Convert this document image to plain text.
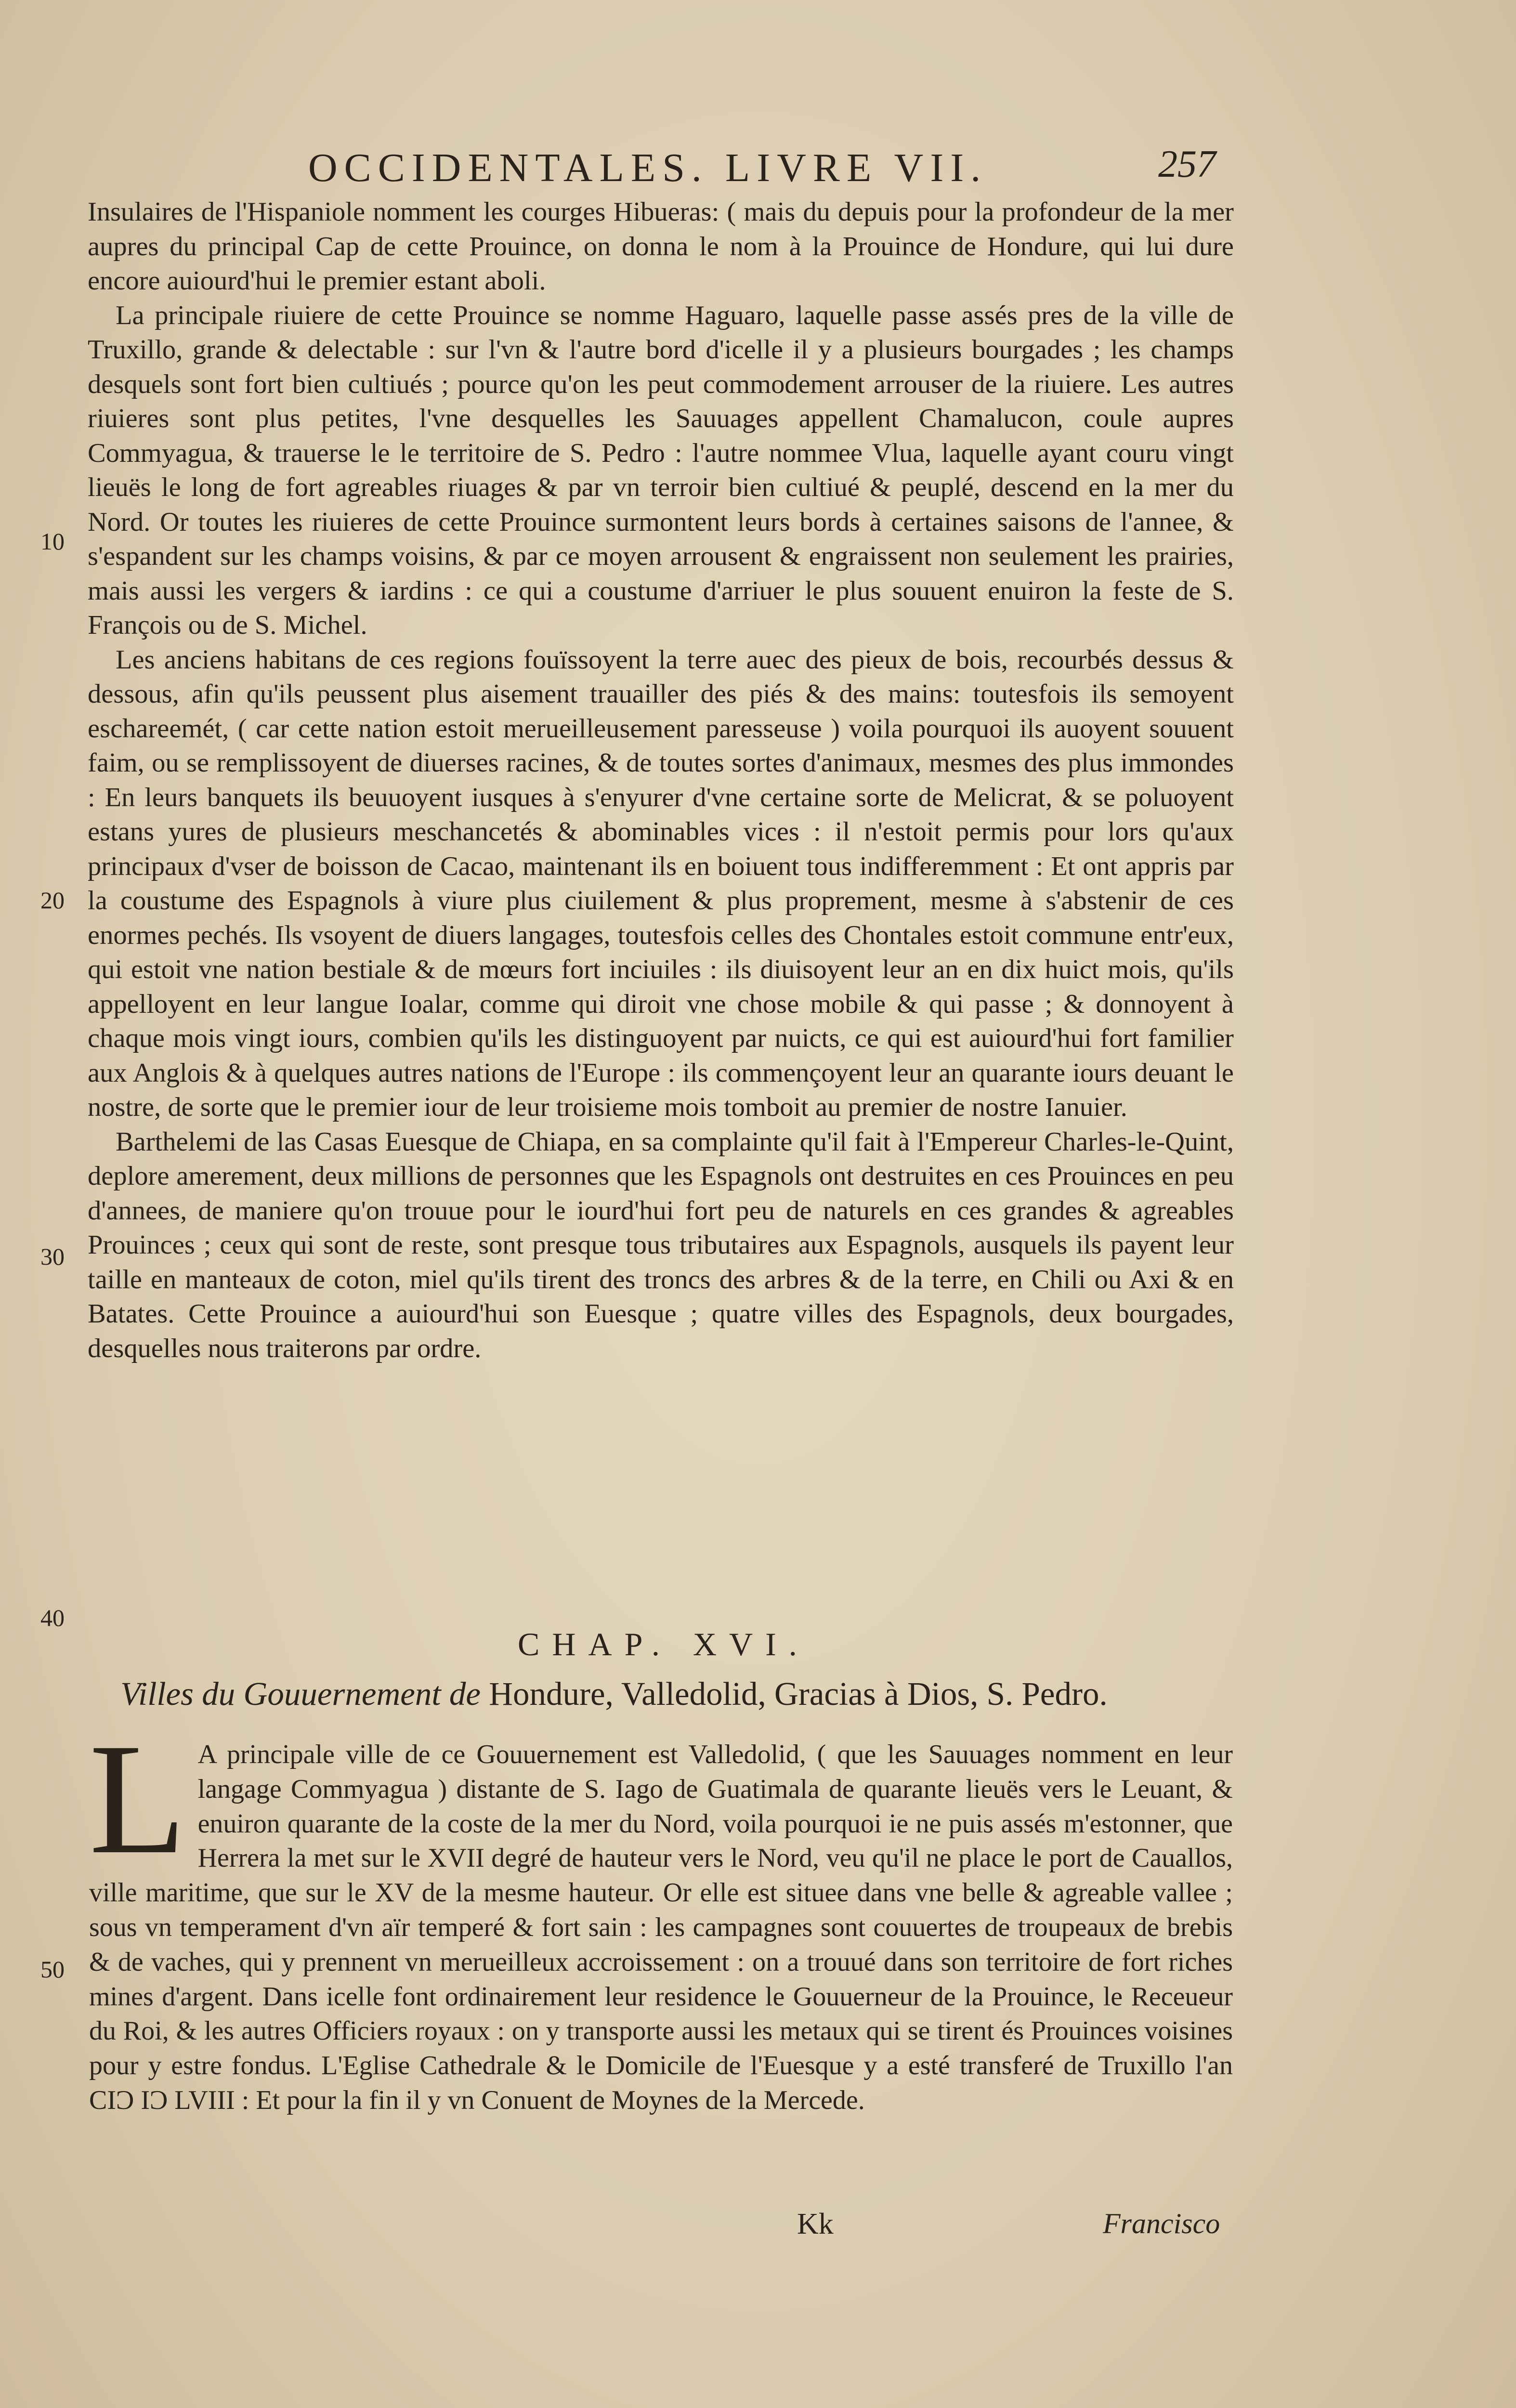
OCCIDENTALES. LIVRE VII.	257
10
20
30
40
50

Insulaires de l'Hispaniole nomment les courges Hibueras: ( mais du depuis pour la profondeur de la mer aupres du principal Cap de cette Prouince, on donna le nom à la Prouince de Hondure, qui lui dure encore auiourd'hui le premier estant aboli.

La principale riuiere de cette Prouince se nomme Haguaro, laquelle passe assés pres de la ville de Truxillo, grande & delectable : sur l'vn & l'autre bord d'icelle il y a plusieurs bourgades ; les champs desquels sont fort bien cultiués ; pource qu'on les peut commodement arrouser de la riuiere. Les autres riuieres sont plus petites, l'vne desquelles les Sauuages appellent Chamalucon, coule aupres Commyagua, & trauerse le le territoire de S. Pedro : l'autre nommee Vlua, laquelle ayant couru vingt lieuës le long de fort agreables riuages & par vn terroir bien cultiué & peuplé, descend en la mer du Nord. Or toutes les riuieres de cette Prouince surmontent leurs bords à certaines saisons de l'annee, & s'espandent sur les champs voisins, & par ce moyen arrousent & engraissent non seulement les prairies, mais aussi les vergers & iardins : ce qui a coustume d'arriuer le plus souuent enuiron la feste de S. François ou de S. Michel.

Les anciens habitans de ces regions fouïssoyent la terre auec des pieux de bois, recourbés dessus & dessous, afin qu'ils peussent plus aisement trauailler des piés & des mains: toutesfois ils semoyent eschareemét, ( car cette nation estoit merueilleusement paresseuse ) voila pourquoi ils auoyent souuent faim, ou se remplissoyent de diuerses racines, & de toutes sortes d'animaux, mesmes des plus immondes : En leurs banquets ils beuuoyent iusques à s'enyurer d'vne certaine sorte de Melicrat, & se poluoyent estans yures de plusieurs meschancetés & abominables vices : il n'estoit permis pour lors qu'aux principaux d'vser de boisson de Cacao, maintenant ils en boiuent tous indifferemment : Et ont appris par la coustume des Espagnols à viure plus ciuilement & plus proprement, mesme à s'abstenir de ces enormes pechés. Ils vsoyent de diuers langages, toutesfois celles des Chontales estoit commune entr'eux, qui estoit vne nation bestiale & de mœurs fort inciuiles : ils diuisoyent leur an en dix huict mois, qu'ils appelloyent en leur langue Ioalar, comme qui diroit vne chose mobile & qui passe ; & donnoyent à chaque mois vingt iours, combien qu'ils les distinguoyent par nuicts, ce qui est auiourd'hui fort familier aux Anglois & à quelques autres nations de l'Europe : ils commençoyent leur an quarante iours deuant le nostre, de sorte que le premier iour de leur troisieme mois tomboit au premier de nostre Ianuier.

Barthelemi de las Casas Euesque de Chiapa, en sa complainte qu'il fait à l'Empereur Charles-le-Quint, deplore amerement, deux millions de personnes que les Espagnols ont destruites en ces Prouinces en peu d'annees, de maniere qu'on trouue pour le iourd'hui fort peu de naturels en ces grandes & agreables Prouinces ; ceux qui sont de reste, sont presque tous tributaires aux Espagnols, ausquels ils payent leur taille en manteaux de coton, miel qu'ils tirent des troncs des arbres & de la terre, en Chili ou Axi & en Batates. Cette Prouince a auiourd'hui son Euesque ; quatre villes des Espagnols, deux bourgades, desquelles nous traiterons par ordre.

CHAP. XVI.
Villes du Gouuernement de Hondure, Valledolid, Gracias à Dios, S. Pedro.
L A principale ville de ce Gouuernement est Valledolid, ( que les Sauuages nomment en leur langage Commyagua ) distante de S. Iago de Guatimala de quarante lieuës vers le Leuant, & enuiron quarante de la coste de la mer du Nord, voila pourquoi ie ne puis assés m'estonner, que Herrera la met sur le XVII degré de hauteur vers le Nord, veu qu'il ne place le port de Cauallos, ville maritime, que sur le XV de la mesme hauteur. Or elle est situee dans vne belle & agreable vallee ; sous vn temperament d'vn aïr temperé & fort sain : les campagnes sont couuertes de troupeaux de brebis & de vaches, qui y prennent vn merueilleux accroissement : on a trouué dans son territoire de fort riches mines d'argent. Dans icelle font ordinairement leur residence le Gouuerneur de la Prouince, le Receueur du Roi, & les autres Officiers royaux : on y transporte aussi les metaux qui se tirent és Prouinces voisines pour y estre fondus. L'Eglise Cathedrale & le Domicile de l'Euesque y a esté transferé de Truxillo l'an CIϽ IϽ LVIII : Et pour la fin il y vn Conuent de Moynes de la Mercede.

Kk	Francisco
